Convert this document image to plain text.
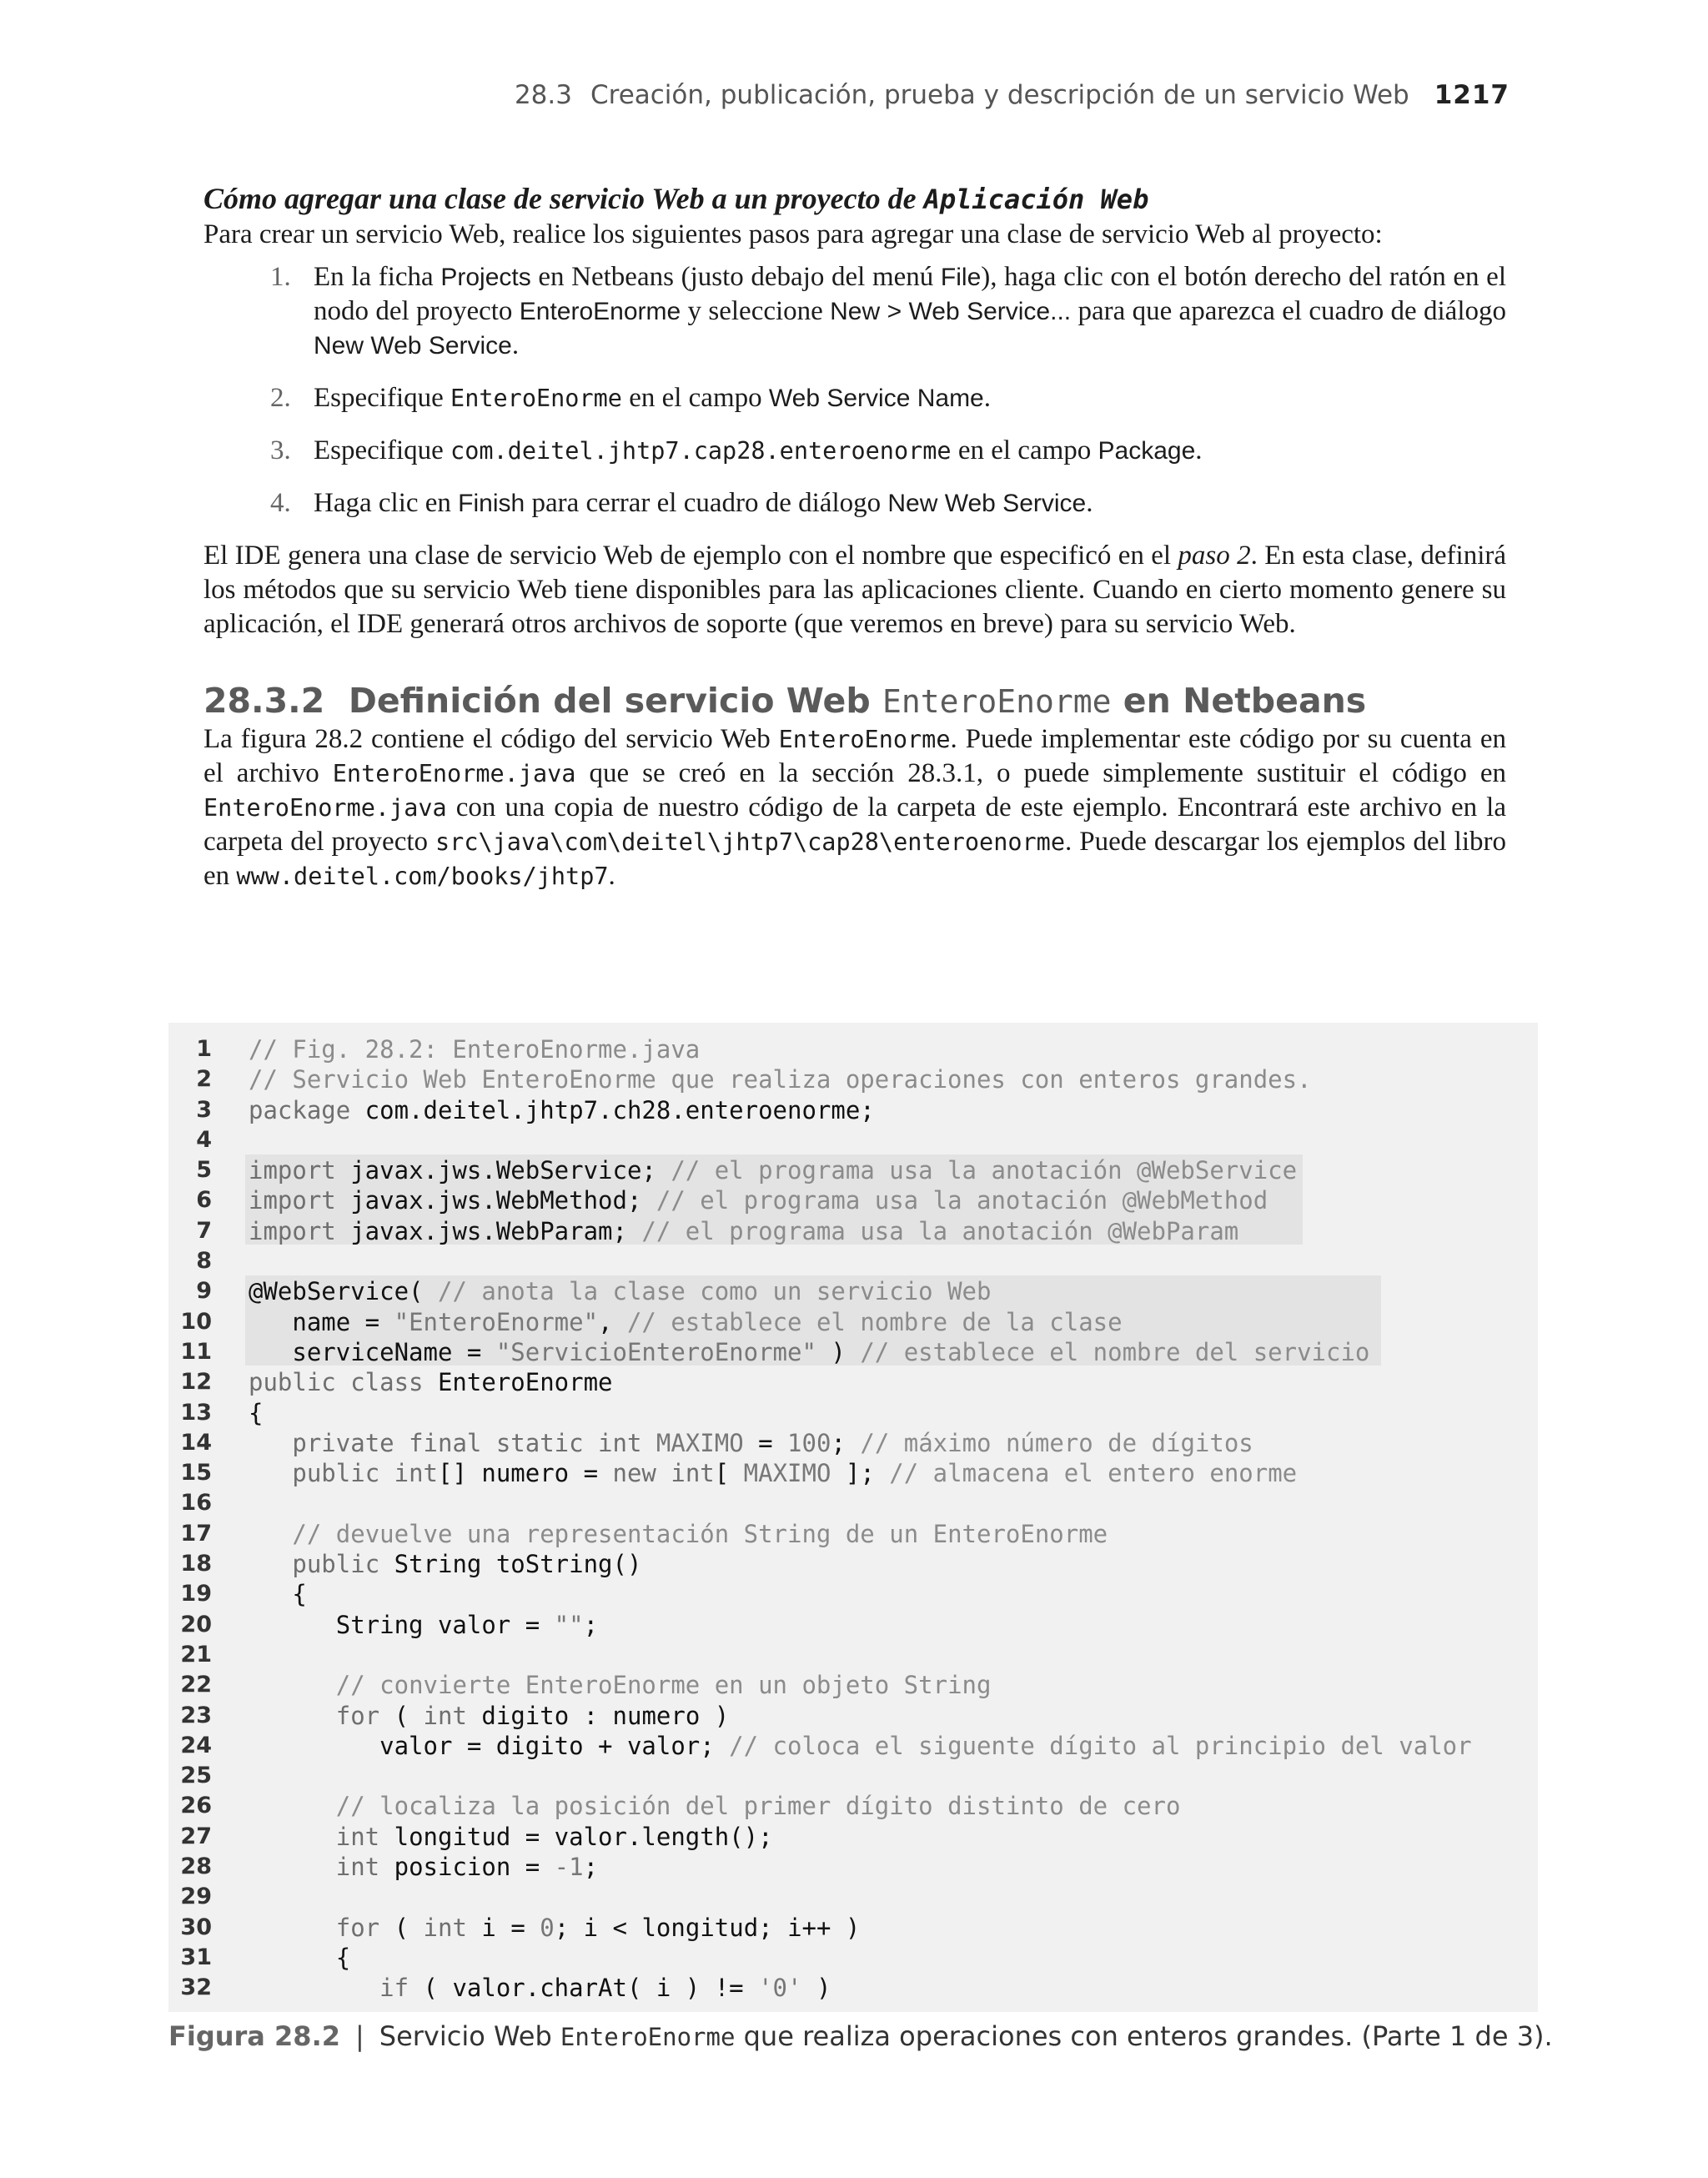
28.3 Creación, publicación, prueba y descripción de un servicio Web 1217
Cómo agregar una clase de servicio Web a un proyecto de Aplicación Web

Para crear un servicio Web, realice los siguientes pasos para agregar una clase de servicio Web al proyecto:

1. En la ficha Projects en Netbeans (justo debajo del menú File), haga clic con el botón derecho del ratón en el nodo del proyecto EnteroEnorme y seleccione New > Web Service... para que aparezca el cuadro de diálogo New Web Service.
2. Especifique EnteroEnorme en el campo Web Service Name.
3. Especifique com.deitel.jhtp7.cap28.enteroenorme en el campo Package.
4. Haga clic en Finish para cerrar el cuadro de diálogo New Web Service.

El IDE genera una clase de servicio Web de ejemplo con el nombre que especificó en el paso 2. En esta clase, definirá los métodos que su servicio Web tiene disponibles para las aplicaciones cliente. Cuando en cierto momento genere su aplicación, el IDE generará otros archivos de soporte (que veremos en breve) para su servicio Web.

28.3.2 Definición del servicio Web EnteroEnorme en Netbeans

La figura 28.2 contiene el código del servicio Web EnteroEnorme. Puede implementar este código por su cuenta en el archivo EnteroEnorme.java que se creó en la sección 28.3.1, o puede simplemente sustituir el código en EnteroEnorme.java con una copia de nuestro código de la carpeta de este ejemplo. Encontrará este archivo en la carpeta del proyecto src\java\com\deitel\jhtp7\cap28\enteroenorme. Puede descargar los ejemplos del libro en www.deitel.com/books/jhtp7.

1 // Fig. 28.2: EnteroEnorme.java
2 // Servicio Web EnteroEnorme que realiza operaciones con enteros grandes.
3 package com.deitel.jhtp7.ch28.enteroenorme;
4
5 import javax.jws.WebService; // el programa usa la anotación @WebService
6 import javax.jws.WebMethod; // el programa usa la anotación @WebMethod
7 import javax.jws.WebParam; // el programa usa la anotación @WebParam
8
9 @WebService( // anota la clase como un servicio Web
10 name = "EnteroEnorme", // establece el nombre de la clase
11 serviceName = "ServicioEnteroEnorme" ) // establece el nombre del servicio
12 public class EnteroEnorme
13 {
14	private final static int MAXIMO = 100; // máximo número de dígitos
15	public int[] numero = new int[ MAXIMO ]; // almacena el entero enorme
16
17	// devuelve una representación String de un EnteroEnorme
18	public String toString()
19 {
20 String valor = "";
21
22	// convierte EnteroEnorme en un objeto String
23	for ( int digito : numero )
24 valor = digito + valor; // coloca el siguente dígito al principio del valor
25
26	// localiza la posición del primer dígito distinto de cero
27	int longitud = valor.length();
28	int posicion = -1;
29
30	for ( int i = 0; i < longitud; i++ )
31 {
32	if ( valor.charAt( i ) != '0' )
Figura 28.2 | Servicio Web EnteroEnorme que realiza operaciones con enteros grandes. (Parte 1 de 3).
